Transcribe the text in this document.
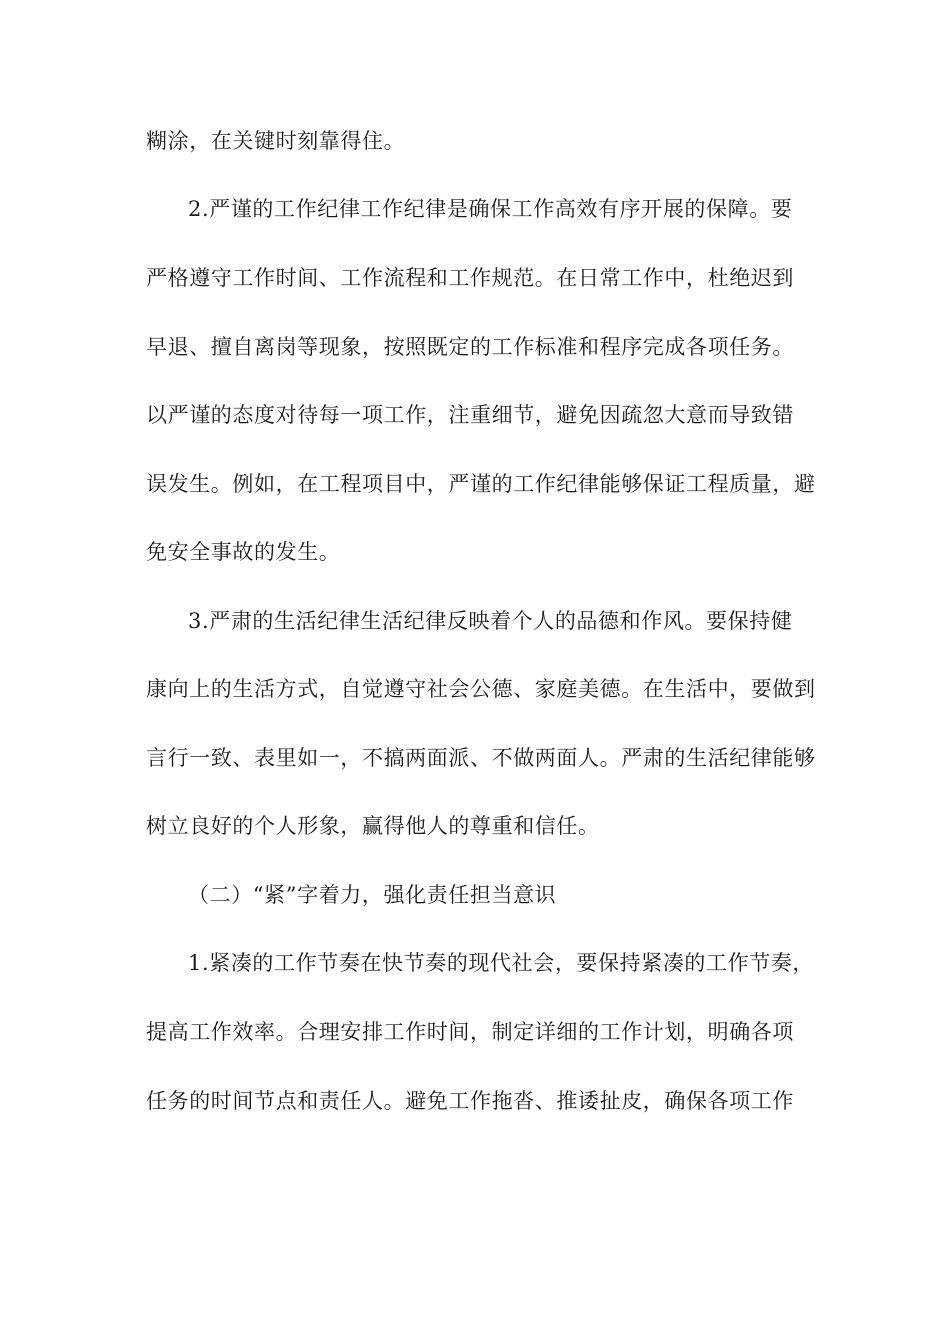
糊涂，在关键时刻靠得住。
2.严谨的工作纪律工作纪律是确保工作高效有序开展的保障。要
严格遵守工作时间、工作流程和工作规范。在日常工作中，杜绝迟到
早退、擅自离岗等现象，按照既定的工作标准和程序完成各项任务。
以严谨的态度对待每一项工作，注重细节，避免因疏忽大意而导致错
误发生。例如，在工程项目中，严谨的工作纪律能够保证工程质量，避
免安全事故的发生。
3.严肃的生活纪律生活纪律反映着个人的品德和作风。要保持健
康向上的生活方式，自觉遵守社会公德、家庭美德。在生活中，要做到
言行一致、表里如一，不搞两面派、不做两面人。严肃的生活纪律能够
树立良好的个人形象，赢得他人的尊重和信任。
（二）“紧”字着力，强化责任担当意识
1.紧凑的工作节奏在快节奏的现代社会，要保持紧凑的工作节奏，
提高工作效率。合理安排工作时间，制定详细的工作计划，明确各项
任务的时间节点和责任人。避免工作拖沓、推诿扯皮，确保各项工作
